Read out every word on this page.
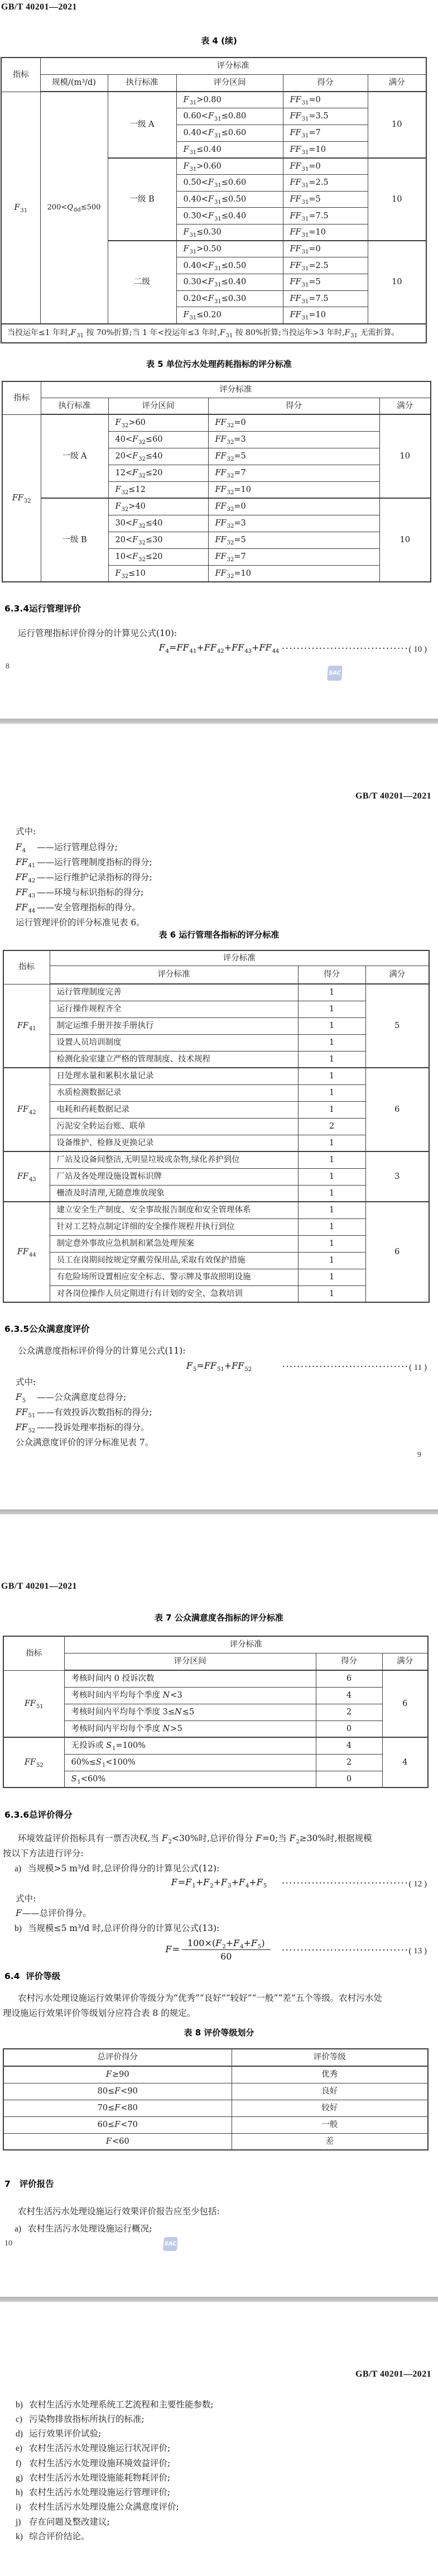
GB/T 40201—2021
表 4 (续)
指标	评分标准				
	规模/(m³/d)	执行标准	评分区间	得分	满分
$F_{31}$	$200<Q_{dd}\le 500$	一级 A	$F_{31}>0.80$	$FF_{31}=0$	10
			$0.60<F_{31}\le 0.80$	$FF_{31}=3.5$	
			$0.40<F_{31}\le 0.60$	$FF_{31}=7$	
			$F_{31}\le 0.40$	$FF_{31}=10$	
		一级 B	$F_{31}>0.60$	$FF_{31}=0$	10
			$0.50<F_{31}\le 0.60$	$FF_{31}=2.5$	
			$0.40<F_{31}\le 0.50$	$FF_{31}=5$	
			$0.30<F_{31}\le 0.40$	$FF_{31}=7.5$	
			$F_{31}\le 0.30$	$FF_{31}=10$	
		二级	$F_{31}>0.50$	$FF_{31}=0$	10
			$0.40<F_{31}\le 0.50$	$FF_{31}=2.5$	
			$0.30<F_{31}\le 0.40$	$FF_{31}=5$	
			$0.20<F_{31}\le 0.30$	$FF_{31}=7.5$	
			$F_{31}\le 0.20$	$FF_{31}=10$	
当投运年≤1 年时$,F_{31}$ 按 70%折算;当 1 年<投运年≤3 年时$,F_{31}$ 按 80%折算;当投运年>3 年时$,F_{31}$ 无需折算。					
表 5 单位污水处理药耗指标的评分标准
指标	评分标准			
	执行标准	评分区间	得分	满分
$FF_{32}$	一级 A	$F_{32}>60$	$FF_{32}=0$	10
		$40<F_{32}\le 60$	$FF_{32}=3$	
		$20<F_{32}\le 40$	$FF_{32}=5$	
		$12<F_{32}\le 20$	$FF_{32}=7$	
		$F_{32}\le 12$	$FF_{32}=10$	
	一级 B	$F_{32}>40$	$FF_{32}=0$	10
		$30<F_{32}\le 40$	$FF_{32}=3$	
		$20<F_{32}\le 30$	$FF_{32}=5$	
		$10<F_{32}\le 20$	$FF_{32}=7$	
		$F_{32}\le 10$	$FF_{32}=10$	
6.3.4运行管理评价
运行管理指标评价得分的计算见公式(10):
$F_4=FF_{41}+FF_{42}+FF_{43}+FF_{44}$ ··································( 10 )
8
SAC
GB/T 40201—2021
式中:
$F_4$ ——运行管理总得分;
$FF_{41}$ ——运行管理制度指标的得分;
$FF_{42}$ ——运行维护记录指标的得分;
$FF_{43}$ ——环境与标识指标的得分;
$FF_{44}$ ——安全管理指标的得分。
运行管理评价的评分标准见表 6。
表 6 运行管理各指标的评分标准
指标	评分标准		
	评分标准	得分	满分
$FF_{41}$	运行管理制度完善	1	5
	运行操作规程齐全	1	
	制定运维手册并按手册执行	1	
	设置人员培训制度	1	
	检测化验室建立严格的管理制度、技术规程	1	
$FF_{42}$	日处理水量和累积水量记录	1	6
	水质检测数据记录	1	
	电耗和药耗数据记录	1	
	污泥安全转运台账、联单	2	
	设备维护、检修及更换记录	1	
$FF_{43}$	厂站及设备间整洁,无明显垃圾或杂物,绿化养护到位	1	3
	厂站及各处理设施设置标识牌	1	
	栅渣及时清理,无随意堆放现象	1	
$FF_{44}$	建立安全生产制度、安全事故报告制度和安全管理体系	1	6
	针对工艺特点制定详细的安全操作规程并执行到位	1	
	制定意外事故应急机制和紧急处理预案	1	
	员工在岗期间按规定穿戴劳保用品,采取有效保护措施	1	
	有危险场所设置相应安全标志、警示牌及事故照明设施	1	
	对各岗位操作人员定期进行有计划的安全、急救培训	1	
6.3.5公众满意度评价
公众满意度指标评价得分的计算见公式(11):
$F_5=FF_{51}+FF_{52}$	··································( 11 )
式中:
$F_5$ ——公众满意度总得分;
$FF_{51}$ ——有效投诉次数指标的得分;
$FF_{52}$ ——投诉处理率指标的得分。
公众满意度评价的评分标准见表 7。
9
GB/T 40201—2021
表 7 公众满意度各指标的评分标准
指标	评分标准		
	评分区间	得分	满分
$FF_{51}$	考核时间内 0 投诉次数	6	6
	考核时间内平均每个季度 N<3	4	
	考核时间内平均每个季度 3≤N≤5	2	
	考核时间内平均每个季度 N>5	0	
$FF_{52}$	无投诉或 $S_1=100\%$	4	4
	$60\%\le S_1<100\%$	2	
	$S_1<60\%$	0	
6.3.6总评价得分
环境效益评价指标具有一票否决权,当 $F_2<30\%$时,总评价得分 F=0;当 $F_2\ge 30\%$时,根据规模
按以下方法进行评分:
a) 当规模>5 m³/d 时,总评价得分的计算见公式(12):
$F=F_1+F_2+F_3+F_4+F_5$	··································( 12 )
式中:
F——总评价得分。
b) 当规模≤5 m³/d 时,总评价得分的计算见公式(13):
$F= \frac{100\times(F_2+F_4+F_5)}{60}$ ··································( 13 )
6.4 评价等级
农村污水处理设施运行效果评价等级分为“优秀”“良好”“较好”“一般”“差”五个等级。农村污水处
理设施运行效果评价等级划分应符合表 8 的规定。
表 8 评价等级划分
总评价得分	评价等级
F≥90	优秀
80≤F<90	良好
70≤F<80	较好
60≤F<70	一般
F<60	差
7 评价报告
农村生活污水处理设施运行效果评价报告应至少包括:
a) 农村生活污水处理设施运行概况;
10	SAC
GB/T 40201—2021
b) 农村生活污水处理系统工艺流程和主要性能参数;
c) 污染物排放指标所执行的标准;
d) 运行效果评价试验;
e) 农村生活污水处理设施运行状况评价;
f) 农村生活污水处理设施环境效益评价;
g) 农村生活污水处理设施能耗物耗评价;
h) 农村生活污水处理设施运行管理评价;
i) 农村生活污水处理设施公众满意度评价;
j) 存在问题及整改建议;
k) 综合评价结论。
